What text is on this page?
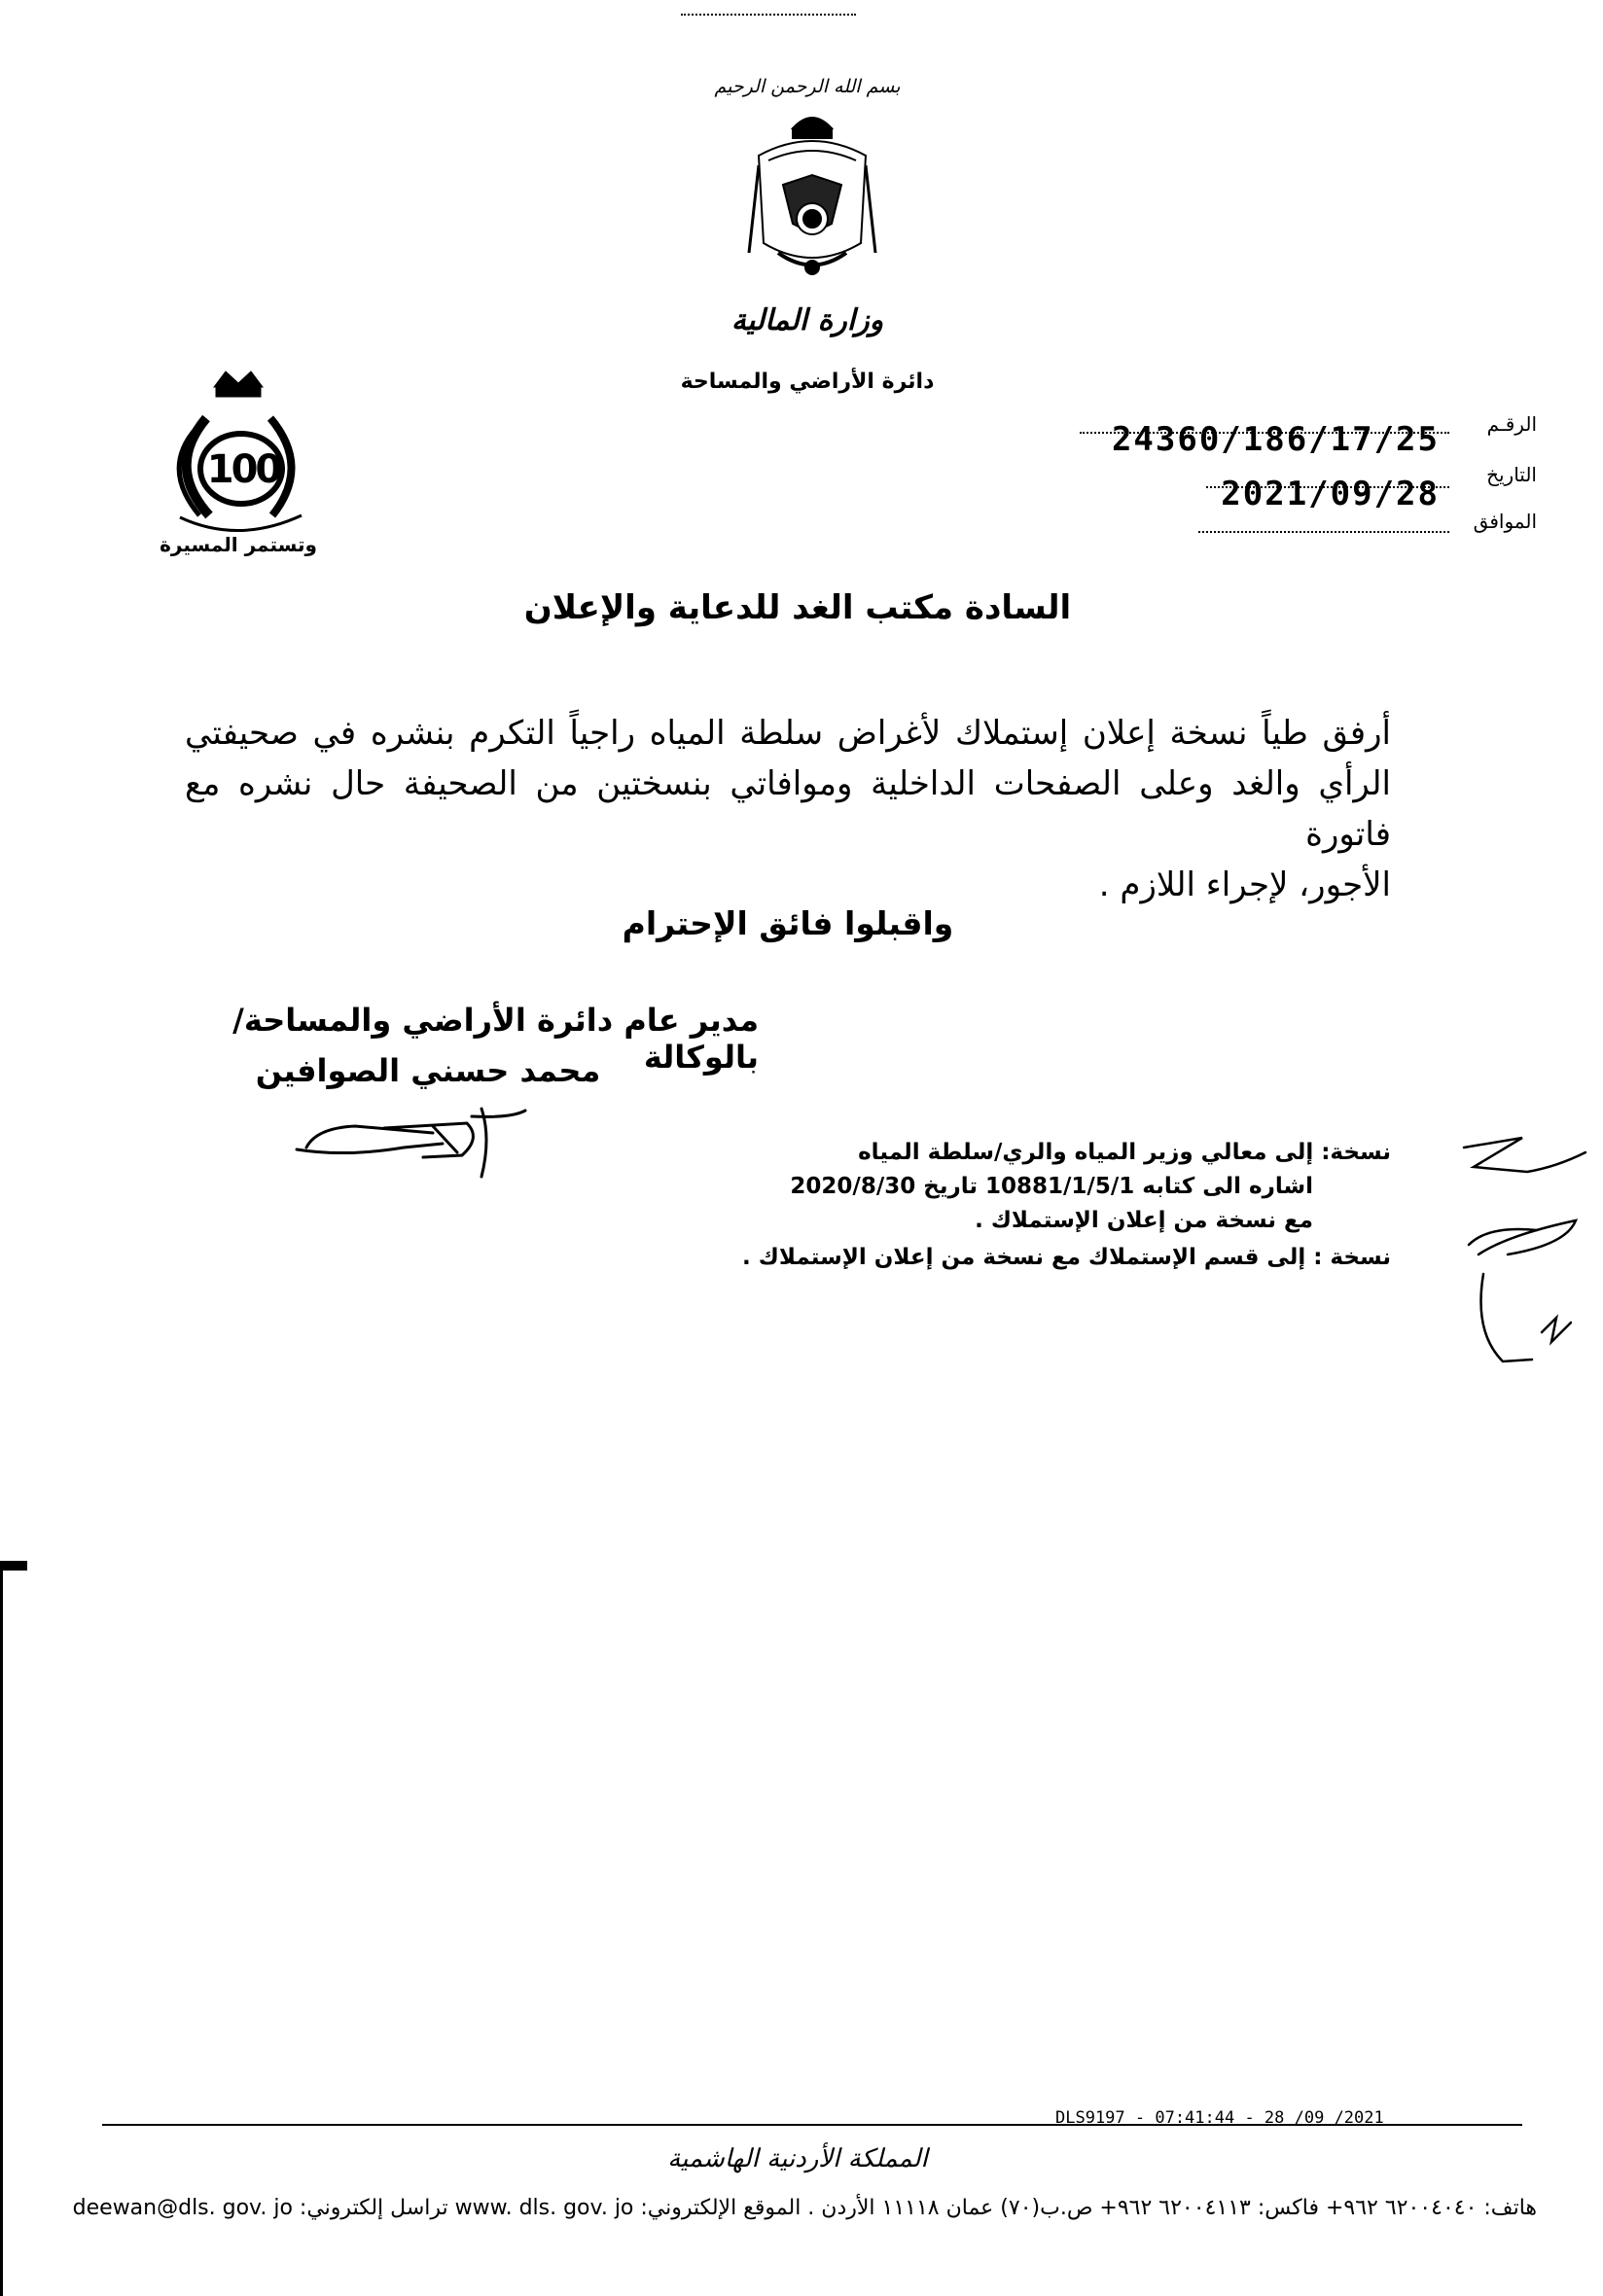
بسم الله الرحمن الرحيم
وزارة المالية
دائرة الأراضي والمساحة
100
وتستمر المسيرة
الرقـم
24360/186/17/25
التاريخ
2021/09/28
الموافق
السادة مكتب الغد للدعاية والإعلان
أرفق طياً نسخة إعلان إستملاك لأغراض سلطة المياه راجياً التكرم بنشره في صحيفتي
الرأي والغد وعلى الصفحات الداخلية وموافاتي بنسختين من الصحيفة حال نشره مع فاتورة
الأجور، لإجراء اللازم .
واقبلوا فائق الإحترام
مدير عام دائرة الأراضي والمساحة/بالوكالة
محمد حسني الصوافين
نسخة: إلى معالي وزير المياه والري/سلطة المياه
اشاره الى كتابه 10881/1/5/1 تاريخ 2020/8/30
مع نسخة من إعلان الإستملاك .
نسخة : إلى قسم الإستملاك مع نسخة من إعلان الإستملاك .
DLS9197 - 07:41:44 - 28 /09 /2021
المملكة الأردنية الهاشمية
هاتف: ٦٢٠٠٤٠٤٠ ٩٦٢+ فاكس: ٦٢٠٠٤١١٣ ٩٦٢+ ص.ب(٧٠) عمان ١١١١٨ الأردن . الموقع الإلكتروني: www. dls. gov. jo تراسل إلكتروني: deewan@dls. gov. jo
